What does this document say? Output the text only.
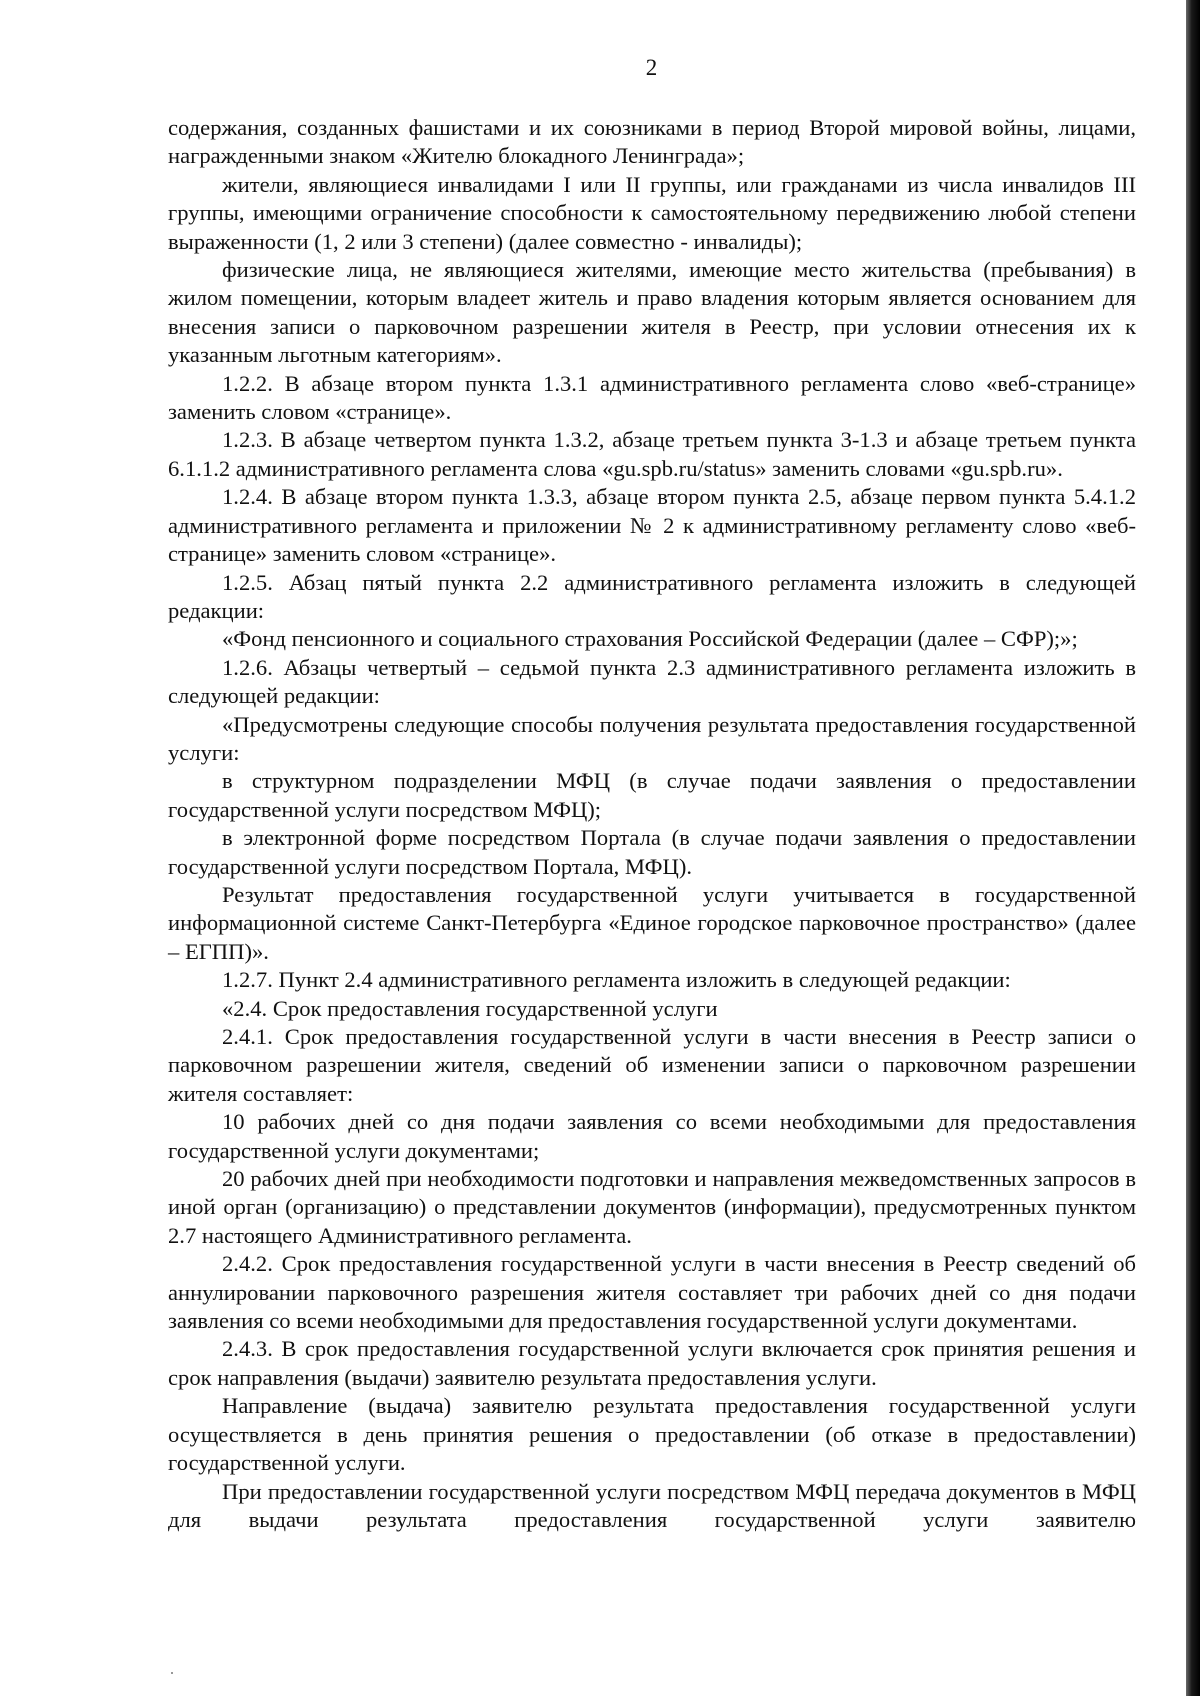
2

содержания, созданных фашистами и их союзниками в период Второй мировой войны, лицами, награжденными знаком «Жителю блокадного Ленинграда»;

жители, являющиеся инвалидами I или II группы, или гражданами из числа инвалидов III группы, имеющими ограничение способности к самостоятельному передвижению любой степени выраженности (1, 2 или 3 степени) (далее совместно - инвалиды);

физические лица, не являющиеся жителями, имеющие место жительства (пребывания) в жилом помещении, которым владеет житель и право владения которым является основанием для внесения записи о парковочном разрешении жителя в Реестр, при условии отнесения их к указанным льготным категориям».

1.2.2. В абзаце втором пункта 1.3.1 административного регламента слово «веб-странице» заменить словом «странице».

1.2.3. В абзаце четвертом пункта 1.3.2, абзаце третьем пункта 3-1.3 и абзаце третьем пункта 6.1.1.2 административного регламента слова «gu.spb.ru/status» заменить словами «gu.spb.ru».

1.2.4. В абзаце втором пункта 1.3.3, абзаце втором пункта 2.5, абзаце первом пункта 5.4.1.2 административного регламента и приложении № 2 к административному регламенту слово «веб-странице» заменить словом «странице».

1.2.5. Абзац пятый пункта 2.2 административного регламента изложить в следующей редакции:

«Фонд пенсионного и социального страхования Российской Федерации (далее – СФР);»;

1.2.6. Абзацы четвертый – седьмой пункта 2.3 административного регламента изложить в следующей редакции:

«Предусмотрены следующие способы получения результата предоставления государственной услуги:

в структурном подразделении МФЦ (в случае подачи заявления о предоставлении государственной услуги посредством МФЦ);

в электронной форме посредством Портала (в случае подачи заявления о предоставлении государственной услуги посредством Портала, МФЦ).

Результат предоставления государственной услуги учитывается в государственной информационной системе Санкт-Петербурга «Единое городское парковочное пространство» (далее – ЕГПП)».

1.2.7. Пункт 2.4 административного регламента изложить в следующей редакции:

«2.4. Срок предоставления государственной услуги

2.4.1. Срок предоставления государственной услуги в части внесения в Реестр записи о парковочном разрешении жителя, сведений об изменении записи о парковочном разрешении жителя составляет:

10 рабочих дней со дня подачи заявления со всеми необходимыми для предоставления государственной услуги документами;

20 рабочих дней при необходимости подготовки и направления межведомственных запросов в иной орган (организацию) о представлении документов (информации), предусмотренных пунктом 2.7 настоящего Административного регламента.

2.4.2. Срок предоставления государственной услуги в части внесения в Реестр сведений об аннулировании парковочного разрешения жителя составляет три рабочих дней со дня подачи заявления со всеми необходимыми для предоставления государственной услуги документами.

2.4.3. В срок предоставления государственной услуги включается срок принятия решения и срок направления (выдачи) заявителю результата предоставления услуги.

Направление (выдача) заявителю результата предоставления государственной услуги осуществляется в день принятия решения о предоставлении (об отказе в предоставлении) государственной услуги.

При предоставлении государственной услуги посредством МФЦ передача документов в МФЦ для выдачи результата предоставления государственной услуги заявителю
